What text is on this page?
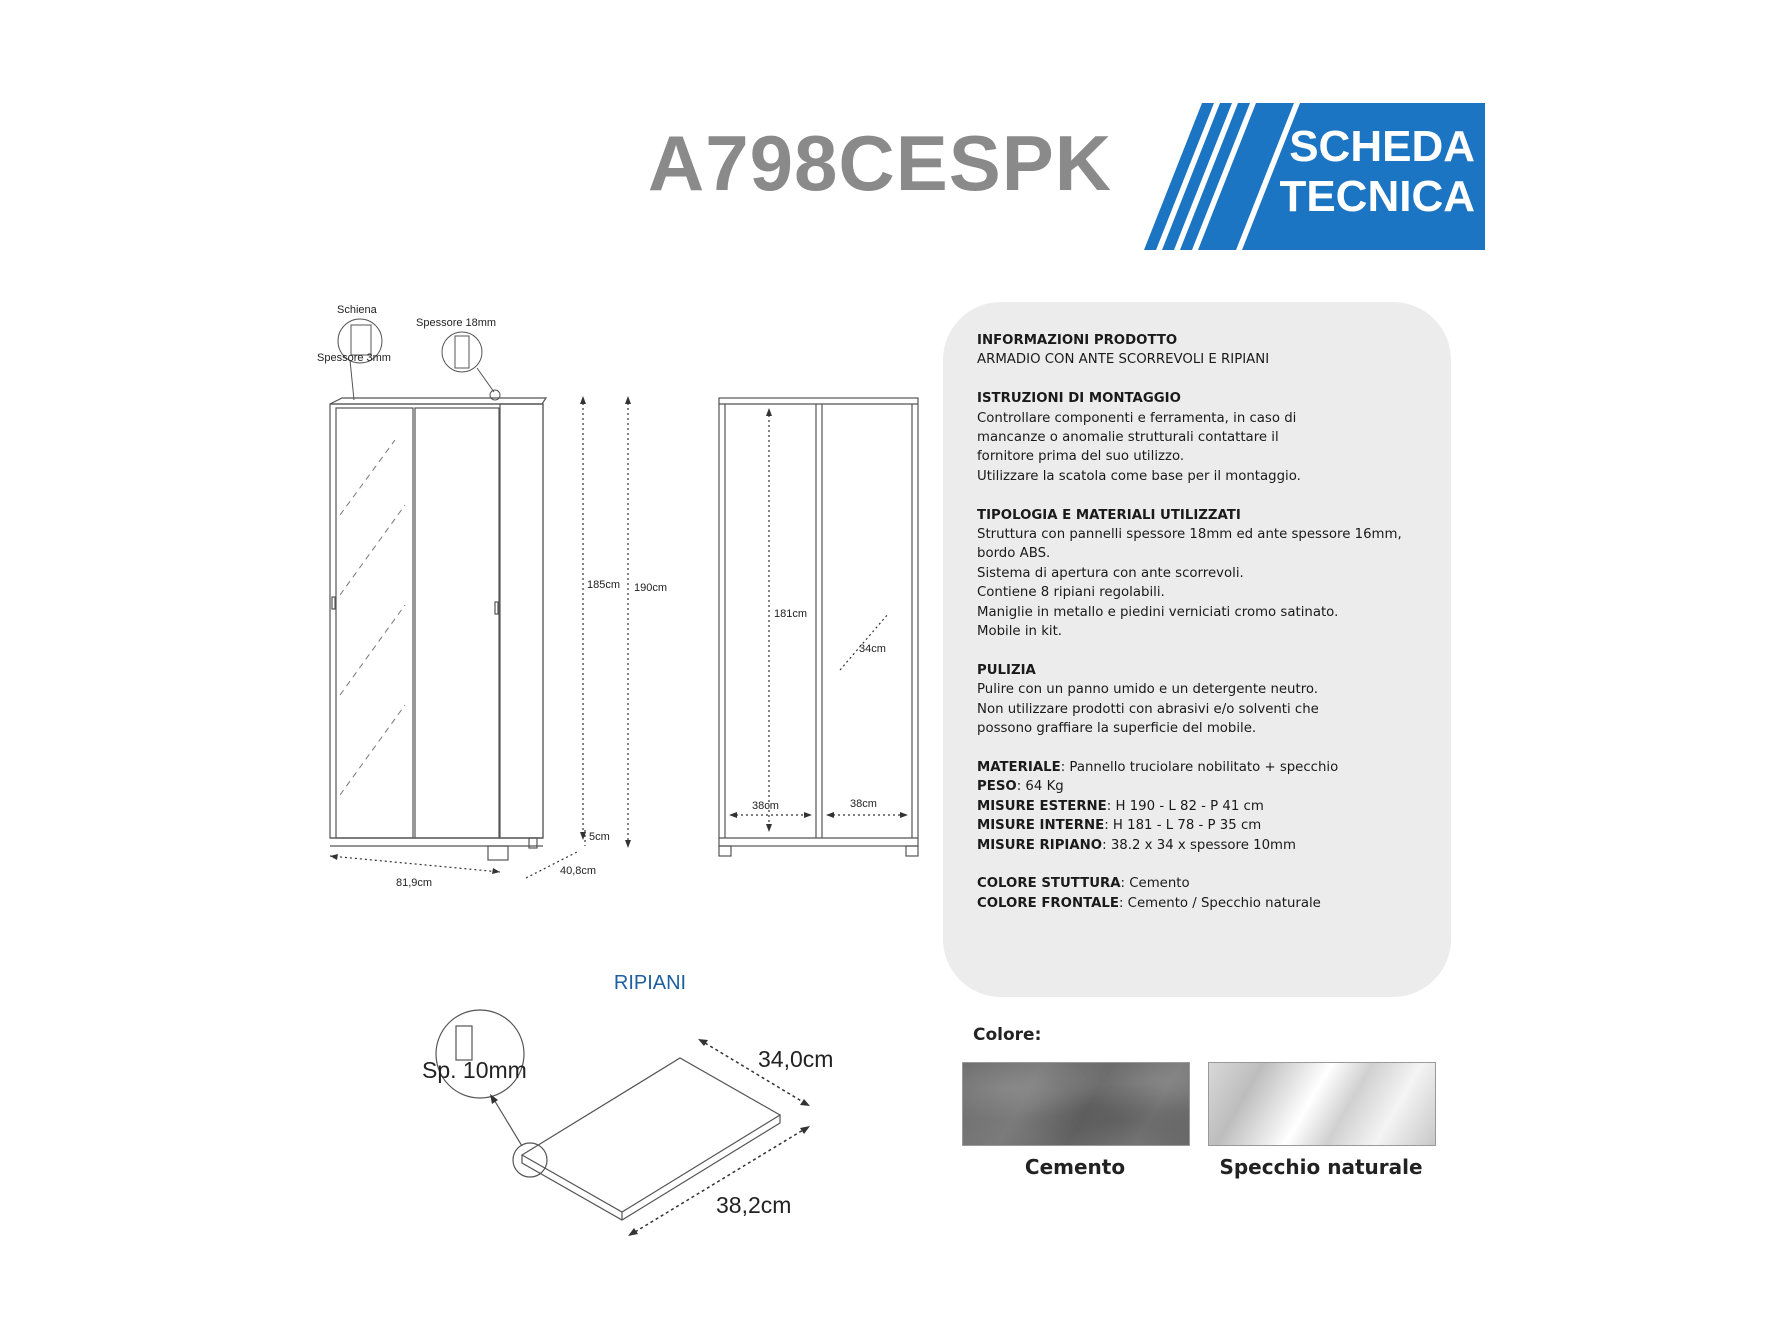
A798CESPK	SCHEDA
TECNICA
Schiena
Spessore 3mm
Spessore 18mm
185cm 190cm
5cm
81,9cm
40,8cm
181cm
34cm
38cm	38cm
Sp. 10mm	34,0cm
38,2cm
INFORMAZIONI PRODOTTO
ARMADIO CON ANTE SCORREVOLI E RIPIANI
ISTRUZIONI DI MONTAGGIO
Controllare componenti e ferramenta, in caso di
mancanze o anomalie strutturali contattare il
fornitore prima del suo utilizzo.
Utilizzare la scatola come base per il montaggio.
TIPOLOGIA E MATERIALI UTILIZZATI
Struttura con pannelli spessore 18mm ed ante spessore 16mm,
bordo ABS.
Sistema di apertura con ante scorrevoli.
Contiene 8 ripiani regolabili.
Maniglie in metallo e piedini verniciati cromo satinato.
Mobile in kit.
PULIZIA
Pulire con un panno umido e un detergente neutro.
Non utilizzare prodotti con abrasivi e/o solventi che
possono graffiare la superficie del mobile.
MATERIALE: Pannello truciolare nobilitato + specchio
PESO: 64 Kg
MISURE ESTERNE: H 190 - L 82 - P 41 cm
MISURE INTERNE: H 181 - L 78 - P 35 cm
MISURE RIPIANO: 38.2 x 34 x spessore 10mm
COLORE STUTTURA: Cemento
COLORE FRONTALE: Cemento / Specchio naturale
RIPIANI
Colore:
Cemento	Specchio naturale
